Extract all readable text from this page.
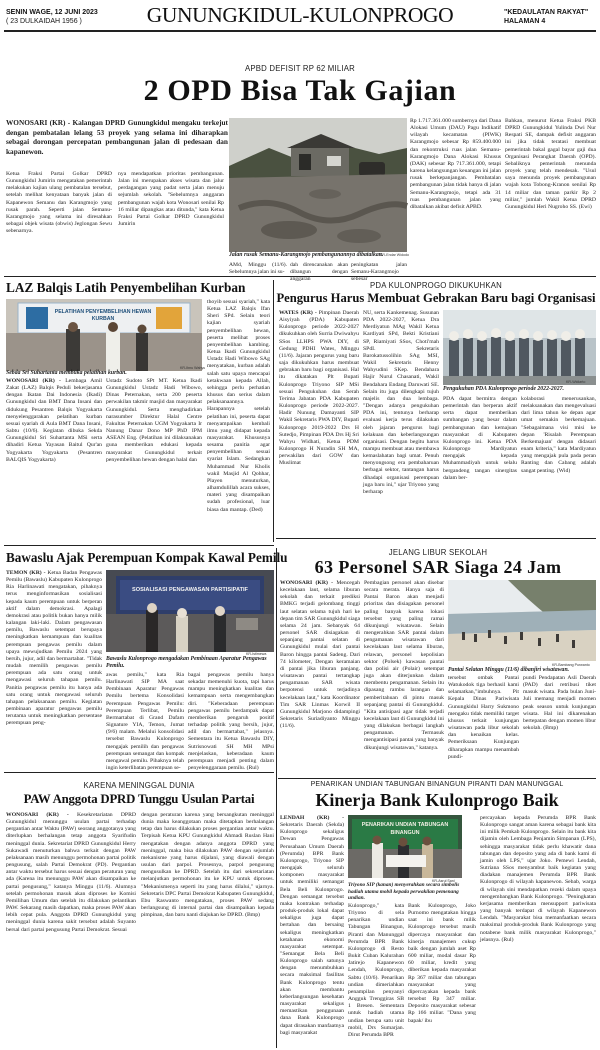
SENIN WAGE, 12 JUNI 2023
( 23 DULKAIDAH 1956 )	GUNUNGKIDUL-KULONPROGO	"KEDAULATAN RAKYAT"
HALAMAN 4
APBD DEFISIT RP 62 MILIAR
2 OPD Bisa Tak Gajian
WONOSARI (KR) - Kalangan DPRD Gunungkidul mengaku terkejut dengan pembatalan lelang 53 proyek yang selama ini diharapkan sebagai dorongan percepatan pembangunan jalan di pedesaan dan kapanewon.
Ketua Fraksi Partai Golkar DPRD Gunungkidul Jumirin mengatakan pemerintah melakukan kajian ulang pembatalan tersebut, setelah melihat kenyataan banyak jalan di Kapanewon Semanu dan Karangmojo yang rusak parah. Seperti jalan Semanu-Karangmojo yang selama ini diresahkan sebagai objek wisata (obwis) Jeglongan Sewu sebenarnya.
nya mendapatkan prioritas pembangunan. Jalan ini merupakan akses wisata dan jalur perdagangan yang padat serta jalan menuju sejumlah sekolah. "Sebelumnya anggaran pembangunan wajah kota Wonosari senilai Rp 16 miliar dipangkas atau ditunda," kata Ketua Fraksi Partai Golkar DPRD Gunungkidul Jumirin
Jalan rusak Semanu-Karangmojo pembangunannya dibatalkan.
KR-Endar Widodo
Rp 1.717.361.000 sumbernya dari Dana Alokasi Umum (DAU) Pagu Indikatif wilayah kecamatan (PIWK) Karangmojo sebesar Rp 859.400.000 dan rekontruksi ruas jalan Semanu-Karangmojo Dana Alokasi Khusus (DAK) sebesar Rp 717.361.000, tetapi karena kelangsungan keuangan ini jalan rusak berkepanjangan. Pembatalan pembangunan jalan tidak hanya di jalan Semanu-Karangmojo, tetapi ada 31 ruas pembangunan jalan yang dibatalkan akibat defisit APBD.
Bahkan, menurut Ketua Fraksi PKB DPRD Gunungkidul Yulinda Dwi Nur Respati SE, dampak defisit anggaran ini jika tidak teratasi membuat pemerintah bakal gagal bayar gaji dua Organisasi Perangkat Daerah (OPD). Sebaliknya pemerintah menunda proyek yang telah mendesak. "Usul saya menunda proyek pembangunan wajah kota Tobong-Kranon senilai Rp 14 miliar dan taman parkir Rp 2 miliar," jumlah Wakil Ketua DPRD Gunungkidul Heri Nugroho SS. (Ewi)
LAZ Balqis Latih Penyembelihan Kurban
PELATIHAN PENYEMBELIHAN HEWAN KURBAN
Sebda Sri Suhartanta membuka pelatihan kurban.
KR-Ibnu Wahyu
WONOSARI (KR) - Lembaga Amil Zakat (LAZ) Balqis Peduli bekerjasama dengan Ikatan Dai Indonesia (Ikadi) Gunungkidul dan BMT Dana Insani dan didukung Pesantren Balqis Yogyakarta menyelenggarakan pelatihan kurban sesuai syariah di Aula BMT Dana Insani, Sabtu (10/6). Kegiatan dibuka Sekda Gunungkidul Sri Suhartanta MSi serta dihadiri Ketua Yayasan Baitul Qur'an Yogyakarta Yogyakarta (Pesantren BALQIS Yogyakarta)
Ustadz Sudoto SPt MT. Ketua Ikadi Gunungkidul Ustadz Hadi Wibowo, Dinas Peternakan, serta 200 peserta perwakilan takmir masjid dan masyarakat Gunungkidul. Serta menghadirkan narasumber Direktur Halal Centre Fakultas Peternakan UGM Yogyakarta Ir Nanung Danar Dono MP PhD IPM ASEAN Eng. (Pelatihan ini dilaksanakan guna memberikan edukasi kepada masyarakat Gunungkidul terkait penyembelihan hewan dengan halal dan
thoyib sesuai syariah," kata Ketua LAZ Balqis Ifan Sheri SPd. Selain teori kajian syariah penyembelihan hewan, peserta melihat proses penyembelihan kambing. Ketua Ikadi Gunungkidul Ustadz Hadi Wibowo SAg menyatakan, kurban adalah salah satu upaya mencapai ketakwaan kepada Allah, sehingga perlu perhatian khusus dan serius dalam pelaksanaannya. Harapannya setelah pelatihan ini, peserta dapat menyampaikan kembali ilmu yang didapat kepada masyarakat. Khususnya sesama panitia agar penyembelihan sesuai syariat Islam. Sedangkan Muhammad Nur Kholis wakil Masjid Al Qohhar, Playen menuturkan, alhamdulillah acara sukses, materi yang disampaikan sudah profesional, luar biasa dan mantap. (Ded)
PDA KULONPROGO DIKUKUHKAN
Pengurus Harus Membuat Gebrakan Baru bagi Organisasi
WATES (KR) - Pimpinan Daerah Aisyiyah (PDA) Kabupaten Kulonprogo periode 2022-2027 dikukuhkan oleh Surria Dwiwahyu SSos LLHPS PWA DIY, di Gedung PDHI Wates, Minggu (11/6). Jajaran pengurus yang baru saja dikukuhkan harus membuat gebrakan baru bagi organisasi. Hal itu dikatakan Plt Bupati Kulonprogo Triyono SIP MSi sesuai Pengukuhan dan Serah Terima Jabatan PDA Kabupaten Kulonprogo periode 2022-2027. Hadir Nunung Damayanti SIP Wakil Sekretaris PWA DIY, Bupati Kulonprogo 2019-2022 Drs H Sutedjo, Pimpinan PDA Drs Hj Sri Wahyu Widhati, Ketua PDM Kulonprogo H Nuradin SH MA, perwakilan dari GOW dan Muslimat
NU, serta Kankemenag. Susunan PDA 2022-2027, Ketua Dra Merdiyatun MAg Wakil Ketua Kardiyati SPd, Bekti Kristiani SP, Riamiyati SSos, Choti'mah SPdI. Sekretaris Barokatussolihin SAg MSI, Wakil Sekretaris Henny Wahyudini SKep. Bendahara Hajir Nurul Chasanati, Wakil Bendahara Endang Daruwati SE. Selain itu juga dilengkapi tujuh majelis dan dua lembaga. "Dengan adanya pengukuhan PDA ini, tentunya berharap evaluasi kerja terus dilakukan oleh jajaran pengurus bagi kelakuan dan keberlangsungan organisasi. Dengan begitu harus mampu membuat atau membawa kemaslahatan bagi umat. Penuh menyongsong era pembaharuan berbagai sektor, tantangan harus dihadapi organisasi perempuan juga baru ini," ujar Triyono yang berharap
Pengukuhan PDA Kulonprogo periode 2022-2027.
KR-Widiarto
PDA dapat bermitra dengan pemerintah dan berperan aktif serta dapat memberikan sumbangan yang besar dalam pembangunan dan kemajuan masyarakat di Kabupaten Kulonprogo ini. Ketua PDA Kulonprogo Mardiyatun mengajak kepada Muhammadiyah untuk selalu bergandeng tangan sinergitas dalam ber-
kolaborasi menerusankan, melaksanakan dan mengevaluasi dari lima tahun ke depan agar umat semakin berkemajuan. "Sebagaimana visi misi ke depan 'Risalah Perempuan Berkemajuan' dengan didasari enam kriteria," kata Mardiyatun yang mengajak pula pada peran Ranting dan Cabang adalah sangat penting. (Wid)
Bawaslu Ajak Perempuan Kompak Kawal Pemilu
TEMON (KR) - Ketua Badan Pengawas Pemilu (Bawaslu) Kabupaten Kulonprogo Ria Harlinawati mengatakan, pihaknya terus menginformasikan sosialisasi kepada kaum perempuan untuk berperan aktif dalam demokrasi. Apalagi demokrasi atau politik bukan hanya milik kalangan laki-laki. Dalam pengawasan pemilu, Bawaslu setempat berupaya meningkatkan kemampuan dan kualitas perempuan pengawas pemilu dalam upaya mewujudkan Pemilu 2024 yang bersih, jujur, adil dan bermartabat. "Tidak mudah memilih pengawas pemilu perempuan ada satu orang untuk mengawasi seluruh tahapan pemilu. Panitia pengawas pemilu itu hanya ada satu orang untuk mengawasi seluruh tahapan pelaksanaan pemilu. Kegiatan pembinaan aparatur pengawas pemilu terutama untuk meningkatkan persentase perempuan peng-
SOSIALISASI PENGAWASAN PARTISIPATIF
KR-Istimewa
Bawaslu Kulonprogo mengadakan Pembinaan Aparatur Pengawas Pemilu.
awas pemilu," kata Ria Harlinawati SIP MA saat Pembinaan Aparatur Pengawas Pemilu bertema Konsolidasi Perempuan Pengawas Pemilu: Perempuan Terlibat, Pemilu Bermartabat di Grand Dafam Signature YIA, Temon, Jumat (9/6) malam. Melalui konsolidasi tersebut Bawaslu Kulonprogo mengajak pemilih dan pengawas perempuan semangat dan kompak mengawal pemilu. Pihaknya telah ingin keterlibatan perempuan se-
bagai pengawas pemilu hanya sekadar memenuhi kuota, tapi harus mampu meningkatkan kualitas dan kemampuan serta mengembangkan diri. "Keberadaan perempuan pengawas pemilu berdampak dapat memberikan pengaruh positif terhadap politik yang bersih, jujur, adil dan bermartabat," jelasnya. Sementara itu Ketua Bawaslu DIY, Sutrisnowati SH MH MPsi menjelaskan, keberadaan kaum perempuan menjadi penting dalam penyelenggaraan pemilu. (Rul)
JELANG LIBUR SEKOLAH
63 Personel SAR Siaga 24 Jam
WONOSARI (KR) - Mencegah kecelakaan laut, selama liburan sekolah dan terkait prediksi BMKG terjadi gelombang tinggi laut selatan selama tujuh hari ke depan tim SAR Gunungkidul siaga selama 24 jam. Sebanyak 64 personel SAR disiagakan di sepanjang pantai selatan di Gunungkidul mulai dari pantai Baron hingga pantai Sadeng. Dari 74 kilometer, Dengan keramaian di pantai jika liburan panjang. wisatawan pantai tertangkap pengamanan SAR wisata berpotensi untuk terjadinya kecelakaan laut," kata Koordinator Tim SAR Linmas Korwil II Gunungkidul Marjono didampingi Sekretaris Suriadiyanto Minggu (11/6).
Pembagian personel akan disebar secara merata. Hanya saja di Pantai Baron akan menjadi prioritas dan disiagakan personel paling banyak karena lokasi tersebut yang paling ramai dikunjungi wisatawan. Selain mengerahkan SAR pantai dalam pengamanan wisatawan dari kecelakaan laut selama liburan, relawan, personel kepolisian sektor (Polsek) kawasan pantai dan polisi air (Polair) setempat juga akan diterjunkan dalam membentu pengamanan. Selain itu dipasang rambu larangan dan pemberitahuan di pintu masuk sepanjang pantai di Gunungkidul. "Kita antisipasi agar tidak terjadi kecelakaan laut di Gunungkidul ini yang dilakukan berbagai langkah pengamanan. Termasuk mengantisipasi pantai yang banyak dikunjungi wisatawan," katanya.
KR-Bambang Purwanto
Pantai Selatan Minggu (11/6) dibanjiri wisatawan.
tersebut ombak Pantai Watukodok tiga berhasil kami selamatkan,"imbuhnya. Pit Kepala Dinas Pariwisata Gunungkidul Harry Sukmono mengaku tidak memiliki target khusus terkait kunjungan wisatawan pada libur sekolah dan kenaikan kelas. Pemeriksaan Kunjungan diharapkan mampu menambah pundi-
pundi Pendapatan Asli Daerah (PAD) dari retribusi tiket masuk wisata. Pada bulan Juni-Juli memang menjadi momen peak season untuk kunjungan wisata. Hal ini dikarenakan bertepatan dengan momen libur sekolah. (Bmp)
PENARIKAN UNDIAN TABUNGAN BINANGUN PIRANTI DAN MANUNGGAL
Kinerja Bank Kulonprogo Baik
LENDAH (KR) - Sekretaris Daerah (Sekda) Kulonprogo sekaligus Dewan Pengawas Perusahaan Umum Daerah (Perumda) BPR Bank Kulonprogo, Triyono SIP mengajak seluruh komponen masyarakat untuk memiliki semangat Bela Beli Kulonprogo. Dengan semangat tersebut maka kontrakan terhadap produk-produk lokal dapat sekaligus juga dapat bertahan dan bersaing sekaligus meningkatkan ketahanan ekonomi masyarakat setempat. "Semangat Bela Beli Kulonprogo salah satunya dengan menumbuhkan secara maksimal fasilitas Bank Kulonprogo tentu akan membantu keberlangsungan kesehatan masyarakat sekaligus memastikan penggunaan dana Bank Kulonprogo dapat dirasakan manfaatnya bagi masyarakat
PENARIKAN UNDIAN TABUNGAN BINANGUN
KR-Asrul Sani
Triyono SIP (kanan) menyerahkan secara simbolis
hadiah utama mobil kepada perwakilan pemenang
undian.
Kulonprogo," kata Triyono di sela penarikan undian Tabungan Binangun, Piranti dan Manunggal Perumda BPR Bank Kulonprogo di Resto Bukit Cuban Kalurahan Jatirejo Kapanewon Lendah, Kulonprogo, Sabtu (10/6). Penarikan undian dimeriahkan penampilan penyanyi Angguk Trenggiras SB 1 Bresen. Sementara untuk hadiah utama undian berupa satu unit mobil, Drs Sumarjan. Dirut Perumda BPR
Bank Kulonprogo, Joko Purnomo mengatakan hingga saat ini bank milik Kulonprogo tersebut masih dipercaya masyarakat dan kinerja manajemen cukup baik dengan jumlah aset Rp 600 miliar, modal dasar Rp 60 miliar, kredit yang diberikan kepada masyarakat Rp 367 miliar dan tabungan masyarakat yang dipercayakan kepada bank tersebut Rp 347 miliar. Deposito masyarakat sebesar Rp 166 miliar. "Dana yang bapak/ ibu
percayakan kepada Perumda BPR Bank Kulonprogo sangat aman karena sebagai bank kita ini milik Pemkab Kulonprogo. Selain itu bank kita dijamin oleh Lembaga Penjamin Simpanan (LPS), sehingga masyarakat tidak perlu khawatir dana tabungan dan deposito yang ada di bank kami di jamin oleh LPS," ujar Joko. Pemewi Lendah, Sutriana SSos menyambut baik kegiatan yang diadakan manajemen Perumda BPR Bank Kulonprogo di wilayah kapanewon. Sebab, warga di wilayah sini mendapatkan rezeki dalam upaya mengembangkan Bank Kulonprogo. "Peningkatan kerjasama memberikan mensupport pariwisata yang banyak terdapat di wilayah Kapanewon Lendah. "Masyarakat bisa memanfaatkan secara maksimal produk-produk Bank Kulonprogo yang notabene bank milik masyarakat Kulonprogo," jelasnya. (Rul)
KARENA MENINGGAL DUNIA
PAW Anggota DPRD Tunggu Usulan Partai
WONOSARI (KR) - Kesekretariatan DPRD Gunungkidul menunggu usulan partai terhadap pergantian antar Waktu (PAW) seorang anggotanya yang diterlupkan berhalangan tetap anggota Syarifudin meninggal dunia. Sekretariat DPRD Gunungkidul Herry Sukawadi menuturkan bahwa terkait dengan PAW pelaksanaan masih menunggu permohonan partai politik pengusung, salah Partai Demokrat (PD). Pergantian antar waktu tersebut harus sesuai dengan peraturan yang ada (Karena itu menunggu PAW akan disampaikan ke partai pengusung," katanya Minggu (11/6). Alumnya setelah permohonan masuk akan diproses ke Komisi Pemilihan Umum dan setelah itu dilakukan pelantikan PAW. Sekarang masih dapatkan, maka proses PAW akan lebih cepat pula. Anggota DPRD Gunungkidul yang meninggal dunia karena sakit tersebut adalah Suyanto bersal dari partai pengusung Partai Demokrat. Sesuai
dengan peraturan karena yang bersangkutan meninggal dunia maka keanggotaan maka ditetapkan berhalangan tetap dan harus dilakukan proses pergantian antar waktu. Terpisah Ketua KPU Gunungkidul Ahmadi Ruslan Hani mengatakan dengan adanya anggota DPRD yang meninggal, maka bisa dilakukan PAW dengan sejumlah mekanisme yang harus dijalani, yang diawali dengan usulan dari parpol. Prosesnya, parpol pengusung mengusulkan ke DPRD. Setelah itu dari sekretariatan melanjutkan permohonan itu ke KPU untuk diproses. "Mekanismenya seperti itu yang harus dilalui," ujarnya. Sekretaris DPC Partai Demokrat Kabupaten Gunungkidul, Ebu Raswanto mengatakan, proses PAW sedang berlangsung di internal partai dan disampaikan kepada pimpinan, dan baru nanti diajukan ke DPRD. (Bmp)
AMd, Minggu (11/6). Sebelumnya jalan ini su-
dah direncanakan akan dibangun dengan anggaran
peningkatan jalan Semanu-Karangmojo sebesar
